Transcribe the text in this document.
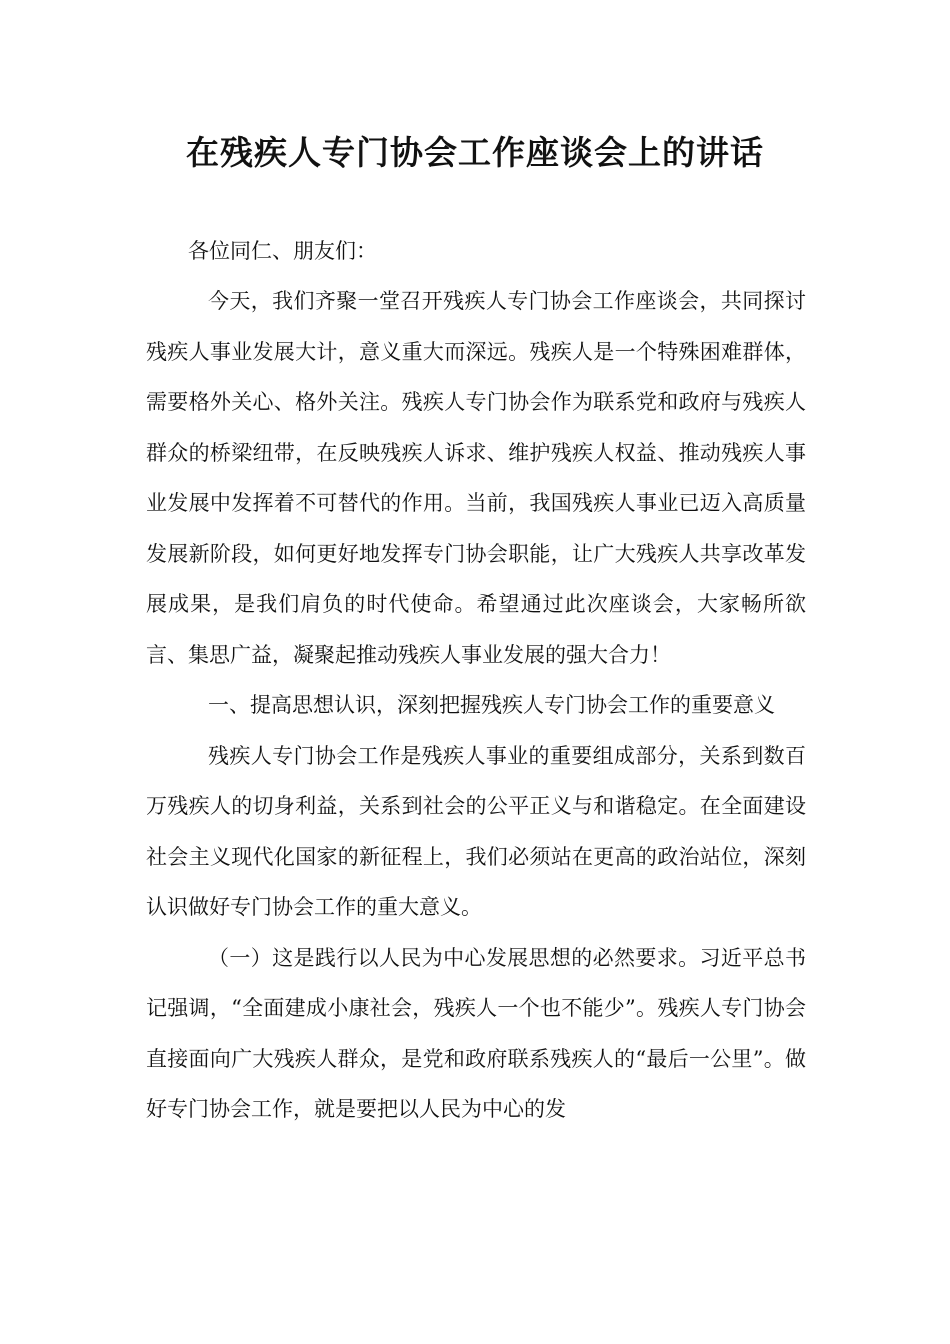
在残疾人专门协会工作座谈会上的讲话

各位同仁、朋友们：

今天，我们齐聚一堂召开残疾人专门协会工作座谈会，共同探讨残疾人事业发展大计，意义重大而深远。残疾人是一个特殊困难群体，需要格外关心、格外关注。残疾人专门协会作为联系党和政府与残疾人群众的桥梁纽带，在反映残疾人诉求、维护残疾人权益、推动残疾人事业发展中发挥着不可替代的作用。当前，我国残疾人事业已迈入高质量发展新阶段，如何更好地发挥专门协会职能，让广大残疾人共享改革发展成果，是我们肩负的时代使命。希望通过此次座谈会，大家畅所欲言、集思广益，凝聚起推动残疾人事业发展的强大合力！

一、提高思想认识，深刻把握残疾人专门协会工作的重要意义

残疾人专门协会工作是残疾人事业的重要组成部分，关系到数百万残疾人的切身利益，关系到社会的公平正义与和谐稳定。在全面建设社会主义现代化国家的新征程上，我们必须站在更高的政治站位，深刻认识做好专门协会工作的重大意义。

（一）这是践行以人民为中心发展思想的必然要求。习近平总书记强调，“全面建成小康社会，残疾人一个也不能少”。残疾人专门协会直接面向广大残疾人群众，是党和政府联系残疾人的“最后一公里”。做好专门协会工作，就是要把以人民为中心的发
